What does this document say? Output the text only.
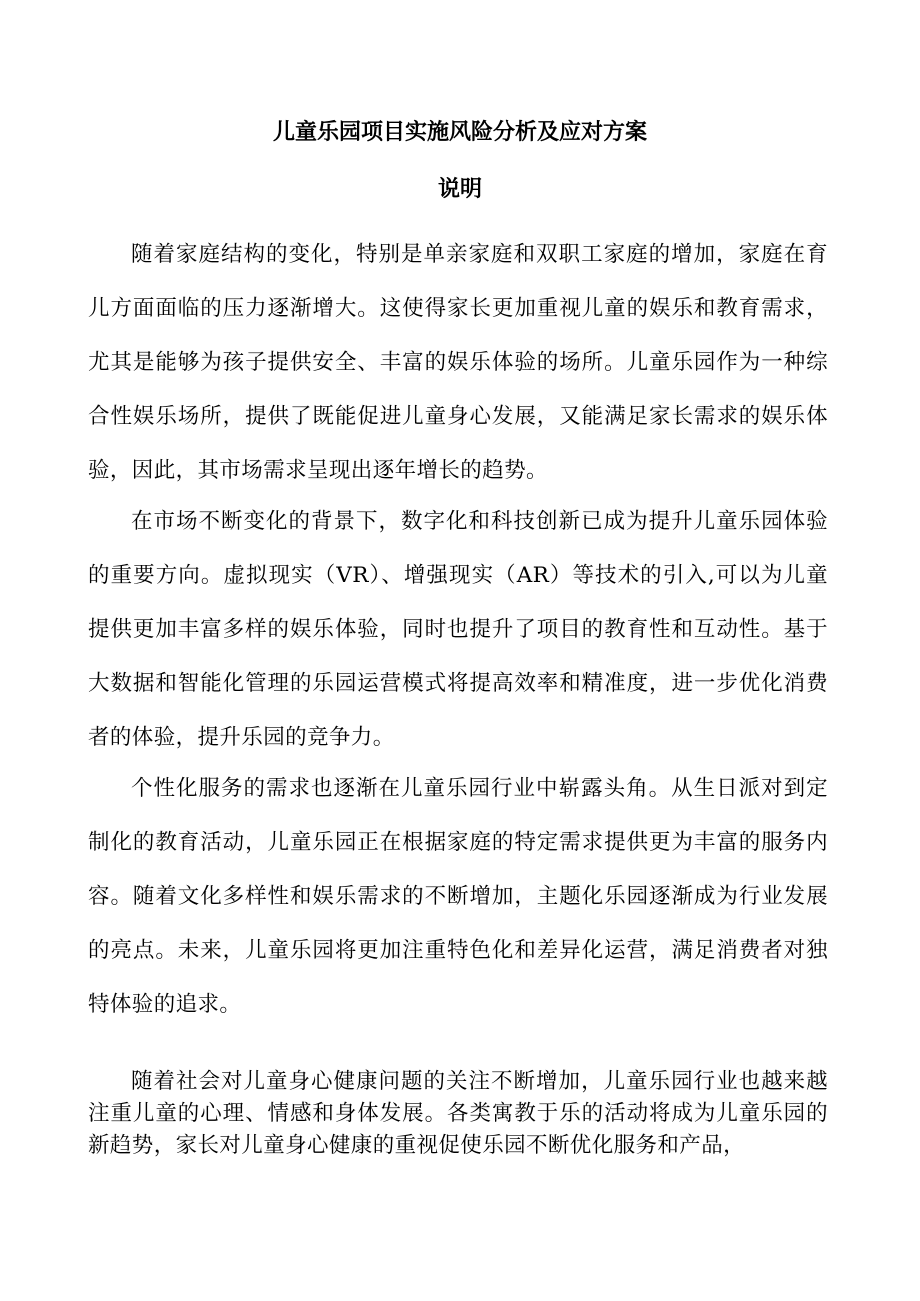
儿童乐园项目实施风险分析及应对方案
说明

随着家庭结构的变化，特别是单亲家庭和双职工家庭的增加，家庭在育儿方面面临的压力逐渐增大。这使得家长更加重视儿童的娱乐和教育需求，尤其是能够为孩子提供安全、丰富的娱乐体验的场所。儿童乐园作为一种综合性娱乐场所，提供了既能促进儿童身心发展，又能满足家长需求的娱乐体验，因此，其市场需求呈现出逐年增长的趋势。

在市场不断变化的背景下，数字化和科技创新已成为提升儿童乐园体验的重要方向。虚拟现实（VR）、增强现实（AR）等技术的引入,可以为儿童提供更加丰富多样的娱乐体验，同时也提升了项目的教育性和互动性。基于大数据和智能化管理的乐园运营模式将提高效率和精准度，进一步优化消费者的体验，提升乐园的竞争力。

个性化服务的需求也逐渐在儿童乐园行业中崭露头角。从生日派对到定制化的教育活动，儿童乐园正在根据家庭的特定需求提供更为丰富的服务内容。随着文化多样性和娱乐需求的不断增加，主题化乐园逐渐成为行业发展的亮点。未来，儿童乐园将更加注重特色化和差异化运营，满足消费者对独特体验的追求。

随着社会对儿童身心健康问题的关注不断增加，儿童乐园行业也越来越注重儿童的心理、情感和身体发展。各类寓教于乐的活动将成为儿童乐园的新趋势，家长对儿童身心健康的重视促使乐园不断优化服务和产品，
